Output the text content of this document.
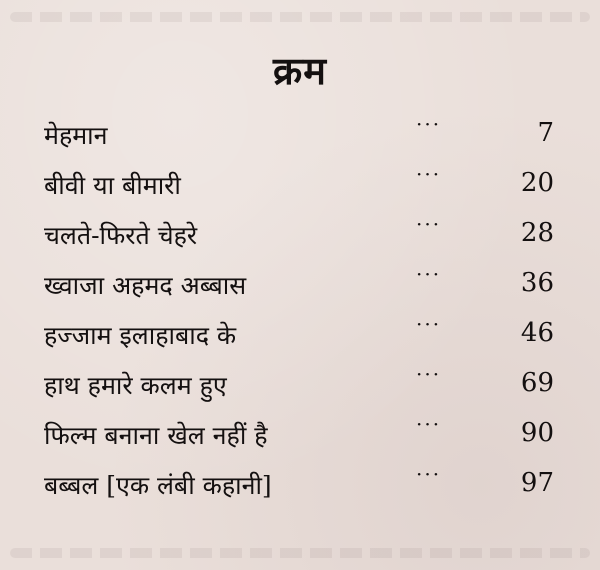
क्रम
मेहमान	···	7
बीवी या बीमारी	···	20
चलते-फिरते चेहरे	···	28
ख्वाजा अहमद अब्बास	···	36
हज्जाम इलाहाबाद के	···	46
हाथ हमारे कलम हुए	···	69
फिल्म बनाना खेल नहीं है	···	90
बब्बल [एक लंबी कहानी]	···	97
